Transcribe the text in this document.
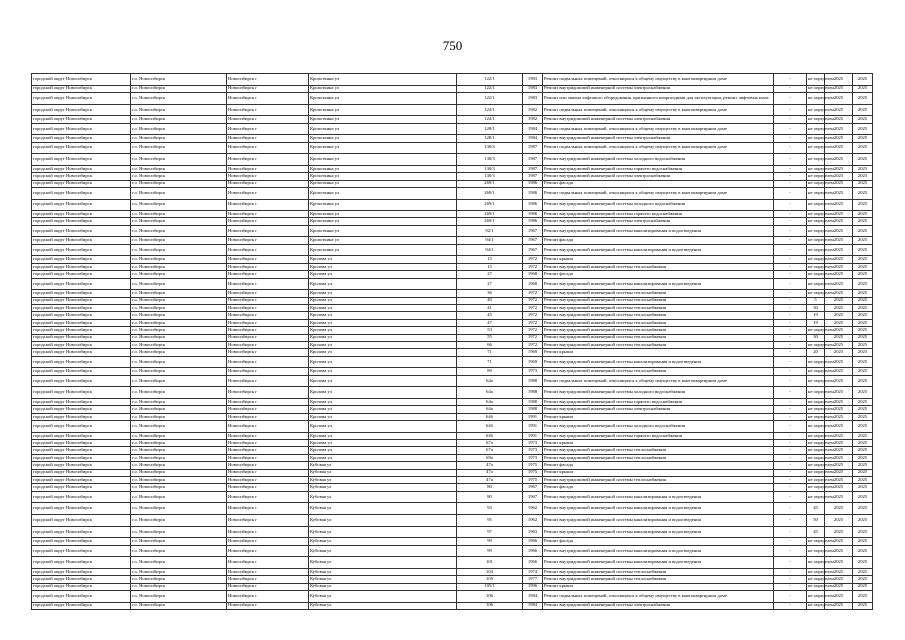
750
городской округ Новосибирск	г.о. Новосибирск	Новосибирск г	Кропоткина ул	122/1	1983	Ремонт подвальных помещений, относящихся к общему имуществу в многоквартирном доме	-	не определен	2025	2025
городской округ Новосибирск	г.о. Новосибирск	Новосибирск г	Кропоткина ул	122/1	1983	Ремонт внутридомовой инженерной системы электроснабжения	-	не определен	2025	2025
городской округ Новосибирск	г.о. Новосибирск	Новосибирск г	Кропоткина ул	122/1	1983	Ремонт или замена лифтового оборудования, признанного непригодным для эксплуатации, ремонт лифтовых шахт	-	не определен	2025	2025
городской округ Новосибирск	г.о. Новосибирск	Новосибирск г	Кропоткина ул	124/1	1982	Ремонт подвальных помещений, относящихся к общему имуществу в многоквартирном доме	-	не определен	2025	2025
городской округ Новосибирск	г.о. Новосибирск	Новосибирск г	Кропоткина ул	124/1	1982	Ремонт внутридомовой инженерной системы электроснабжения	-	не определен	2025	2025
городской округ Новосибирск	г.о. Новосибирск	Новосибирск г	Кропоткина ул	128/1	1984	Ремонт подвальных помещений, относящихся к общему имуществу в многоквартирном доме	-	не определен	2025	2025
городской округ Новосибирск	г.о. Новосибирск	Новосибирск г	Кропоткина ул	128/1	1984	Ремонт внутридомовой инженерной системы электроснабжения	-	не определен	2025	2025
городской округ Новосибирск	г.о. Новосибирск	Новосибирск г	Кропоткина ул	130/3	1987	Ремонт подвальных помещений, относящихся к общему имуществу в многоквартирном доме	-	не определен	2025	2025
городской округ Новосибирск	г.о. Новосибирск	Новосибирск г	Кропоткина ул	130/3	1987	Ремонт внутридомовой инженерной системы холодного водоснабжения	-	не определен	2025	2025
городской округ Новосибирск	г.о. Новосибирск	Новосибирск г	Кропоткина ул	130/3	1987	Ремонт внутридомовой инженерной системы горячего водоснабжения	-	не определен	2025	2025
городской округ Новосибирск	г.о. Новосибирск	Новосибирск г	Кропоткина ул	130/3	1987	Ремонт внутридомовой инженерной системы электроснабжения	-	не определен	2025	2025
городской округ Новосибирск	г.о. Новосибирск	Новосибирск г	Кропоткина ул	269/1	1986	Ремонт фасада	-	не определен	2025	2025
городской округ Новосибирск	г.о. Новосибирск	Новосибирск г	Кропоткина ул	269/1	1986	Ремонт подвальных помещений, относящихся к общему имуществу в многоквартирном доме	-	не определен	2025	2025
городской округ Новосибирск	г.о. Новосибирск	Новосибирск г	Кропоткина ул	269/1	1986	Ремонт внутридомовой инженерной системы холодного водоснабжения	-	не определен	2025	2025
городской округ Новосибирск	г.о. Новосибирск	Новосибирск г	Кропоткина ул	269/1	1986	Ремонт внутридомовой инженерной системы горячего водоснабжения	-	не определен	2025	2025
городской округ Новосибирск	г.о. Новосибирск	Новосибирск г	Кропоткина ул	269/1	1986	Ремонт внутридомовой инженерной системы электроснабжения	-	не определен	2025	2025
городской округ Новосибирск	г.о. Новосибирск	Новосибирск г	Кропоткина ул	92/1	1967	Ремонт внутридомовой инженерной системы канализирования и водоотведения	-	не определен	2025	2025
городской округ Новосибирск	г.о. Новосибирск	Новосибирск г	Кропоткина ул	94/1	1967	Ремонт фасада	-	не определен	2025	2025
городской округ Новосибирск	г.о. Новосибирск	Новосибирск г	Кропоткина ул	94/1	1967	Ремонт внутридомовой инженерной системы канализирования и водоотведения	-	не определен	2025	2025
городской округ Новосибирск	г.о. Новосибирск	Новосибирск г	Кролова ул	15	1972	Ремонт крыши	-	не определен	2025	2025
городской округ Новосибирск	г.о. Новосибирск	Новосибирск г	Кролова ул	15	1972	Ремонт внутридомовой инженерной системы теплоснабжения	-	не определен	2025	2025
городской округ Новосибирск	г.о. Новосибирск	Новосибирск г	Кролова ул	27	1968	Ремонт фасада	-	не определен	2025	2025
городской округ Новосибирск	г.о. Новосибирск	Новосибирск г	Кролова ул	27	1968	Ремонт внутридомовой инженерной системы канализирования и водоотведения	-	не определен	2025	2025
городской округ Новосибирск	г.о. Новосибирск	Новосибирск г	Кролова ул	36	1972	Ремонт внутридомовой инженерной системы теплоснабжения	-	не определен	2025	2025
городской округ Новосибирск	г.о. Новосибирск	Новосибирск г	Кролова ул	40	1972	Ремонт внутридомовой инженерной системы теплоснабжения	-	5	2025	2025
городской округ Новосибирск	г.о. Новосибирск	Новосибирск г	Кролова ул	41	1972	Ремонт внутридомовой инженерной системы теплоснабжения	-	30	2025	2025
городской округ Новосибирск	г.о. Новосибирск	Новосибирск г	Кролова ул	45	1972	Ремонт внутридомовой инженерной системы теплоснабжения	-	19	2025	2025
городской округ Новосибирск	г.о. Новосибирск	Новосибирск г	Кролова ул	47	1972	Ремонт внутридомовой инженерной системы теплоснабжения	-	19	2025	2025
городской округ Новосибирск	г.о. Новосибирск	Новосибирск г	Кролова ул	53	1972	Ремонт внутридомовой инженерной системы теплоснабжения	-	не определен	2025	2025
городской округ Новосибирск	г.о. Новосибирск	Новосибирск г	Кролова ул	55	1972	Ремонт внутридомовой инженерной системы теплоснабжения	-	30	2025	2025
городской округ Новосибирск	г.о. Новосибирск	Новосибирск г	Кролова ул	66	1972	Ремонт внутридомовой инженерной системы теплоснабжения	-	не определен	2025	2025
городской округ Новосибирск	г.о. Новосибирск	Новосибирск г	Кролова ул	71	1969	Ремонт крыши	-	20	2025	2025
городской округ Новосибирск	г.о. Новосибирск	Новосибирск г	Кролова ул	71	1969	Ремонт внутридомовой инженерной системы канализирования и водоотведения	-	не определен	2025	2025
городской округ Новосибирск	г.о. Новосибирск	Новосибирск г	Кролова ул	89	1973	Ремонт внутридомовой инженерной системы теплоснабжения	-	не определен	2025	2025
городской округ Новосибирск	г.о. Новосибирск	Новосибирск г	Кролова ул	64а	1988	Ремонт подвальных помещений, относящихся к общему имуществу в многоквартирном доме	-	не определен	2025	2025
городской округ Новосибирск	г.о. Новосибирск	Новосибирск г	Кролова ул	64а	1988	Ремонт внутридомовой инженерной системы холодного водоснабжения	-	не определен	2025	2025
городской округ Новосибирск	г.о. Новосибирск	Новосибирск г	Кролова ул	64а	1988	Ремонт внутридомовой инженерной системы горячего водоснабжения	-	не определен	2025	2025
городской округ Новосибирск	г.о. Новосибирск	Новосибирск г	Кролова ул	64а	1988	Ремонт внутридомовой инженерной системы электроснабжения	-	не определен	2025	2025
городской округ Новосибирск	г.о. Новосибирск	Новосибирск г	Кролова ул	64б	1991	Ремонт крыши	-	не определен	2025	2025
городской округ Новосибирск	г.о. Новосибирск	Новосибирск г	Кролова ул	64б	1991	Ремонт внутридомовой инженерной системы холодного водоснабжения	-	не определен	2025	2025
городской округ Новосибирск	г.о. Новосибирск	Новосибирск г	Кролова ул	64б	1991	Ремонт внутридомовой инженерной системы горячего водоснабжения	-	не определен	2025	2025
городской округ Новосибирск	г.о. Новосибирск	Новосибирск г	Кролова ул	67а	1973	Ремонт крыши	-	не определен	2025	2025
городской округ Новосибирск	г.о. Новосибирск	Новосибирск г	Кролова ул	67а	1973	Ремонт внутридомовой инженерной системы теплоснабжения	-	не определен	2025	2025
городской округ Новосибирск	г.о. Новосибирск	Новосибирск г	Кролова ул	69а	1973	Ремонт внутридомовой инженерной системы теплоснабжения	-	не определен	2025	2025
городской округ Новосибирск	г.о. Новосибирск	Новосибирск г	Кубовая ул	47а	1975	Ремонт фасада	-	не определен	2025	2025
городской округ Новосибирск	г.о. Новосибирск	Новосибирск г	Кубовая ул	47а	1975	Ремонт крыши	-	не определен	2025	2025
городской округ Новосибирск	г.о. Новосибирск	Новосибирск г	Кубовая ул	47а	1975	Ремонт внутридомовой инженерной системы теплоснабжения	-	не определен	2025	2025
городской округ Новосибирск	г.о. Новосибирск	Новосибирск г	Кубовая ул	80	1967	Ремонт фасада	-	не определен	2025	2025
городской округ Новосибирск	г.о. Новосибирск	Новосибирск г	Кубовая ул	80	1967	Ремонт внутридомовой инженерной системы канализирования и водоотведения	-	не определен	2025	2025
городской округ Новосибирск	г.о. Новосибирск	Новосибирск г	Кубовая ул	93	1962	Ремонт внутридомовой инженерной системы канализирования и водоотведения	-	45	2025	2025
городской округ Новосибирск	г.о. Новосибирск	Новосибирск г	Кубовая ул	95	1962	Ремонт внутридомовой инженерной системы канализирования и водоотведения	-	50	2025	2025
городской округ Новосибирск	г.о. Новосибирск	Новосибирск г	Кубовая ул	97	1963	Ремонт внутридомовой инженерной системы канализирования и водоотведения	-	45	2025	2025
городской округ Новосибирск	г.о. Новосибирск	Новосибирск г	Кубовая ул	99	1966	Ремонт фасада	-	не определен	2025	2025
городской округ Новосибирск	г.о. Новосибирск	Новосибирск г	Кубовая ул	99	1966	Ремонт внутридомовой инженерной системы канализирования и водоотведения	-	не определен	2025	2025
городской округ Новосибирск	г.о. Новосибирск	Новосибирск г	Кубовая ул	101	1966	Ремонт внутридомовой инженерной системы канализирования и водоотведения	-	не определен	2025	2025
городской округ Новосибирск	г.о. Новосибирск	Новосибирск г	Кубовая ул	104	1974	Ремонт внутридомовой инженерной системы теплоснабжения	-	не определен	2025	2025
городской округ Новосибирск	г.о. Новосибирск	Новосибирск г	Кубовая ул	105	1977	Ремонт внутридомовой инженерной системы теплоснабжения	-	не определен	2025	2025
городской округ Новосибирск	г.о. Новосибирск	Новосибирск г	Кубовая ул	105/1	1996	Ремонт крыши	-	не определен	2025	2025
городской округ Новосибирск	г.о. Новосибирск	Новосибирск г	Кубовая ул	106	1984	Ремонт подвальных помещений, относящихся к общему имуществу в многоквартирном доме	-	не определен	2025	2025
городской округ Новосибирск	г.о. Новосибирск	Новосибирск г	Кубовая ул	106	1984	Ремонт внутридомовой инженерной системы электроснабжения	-	не определен	2025	2025
